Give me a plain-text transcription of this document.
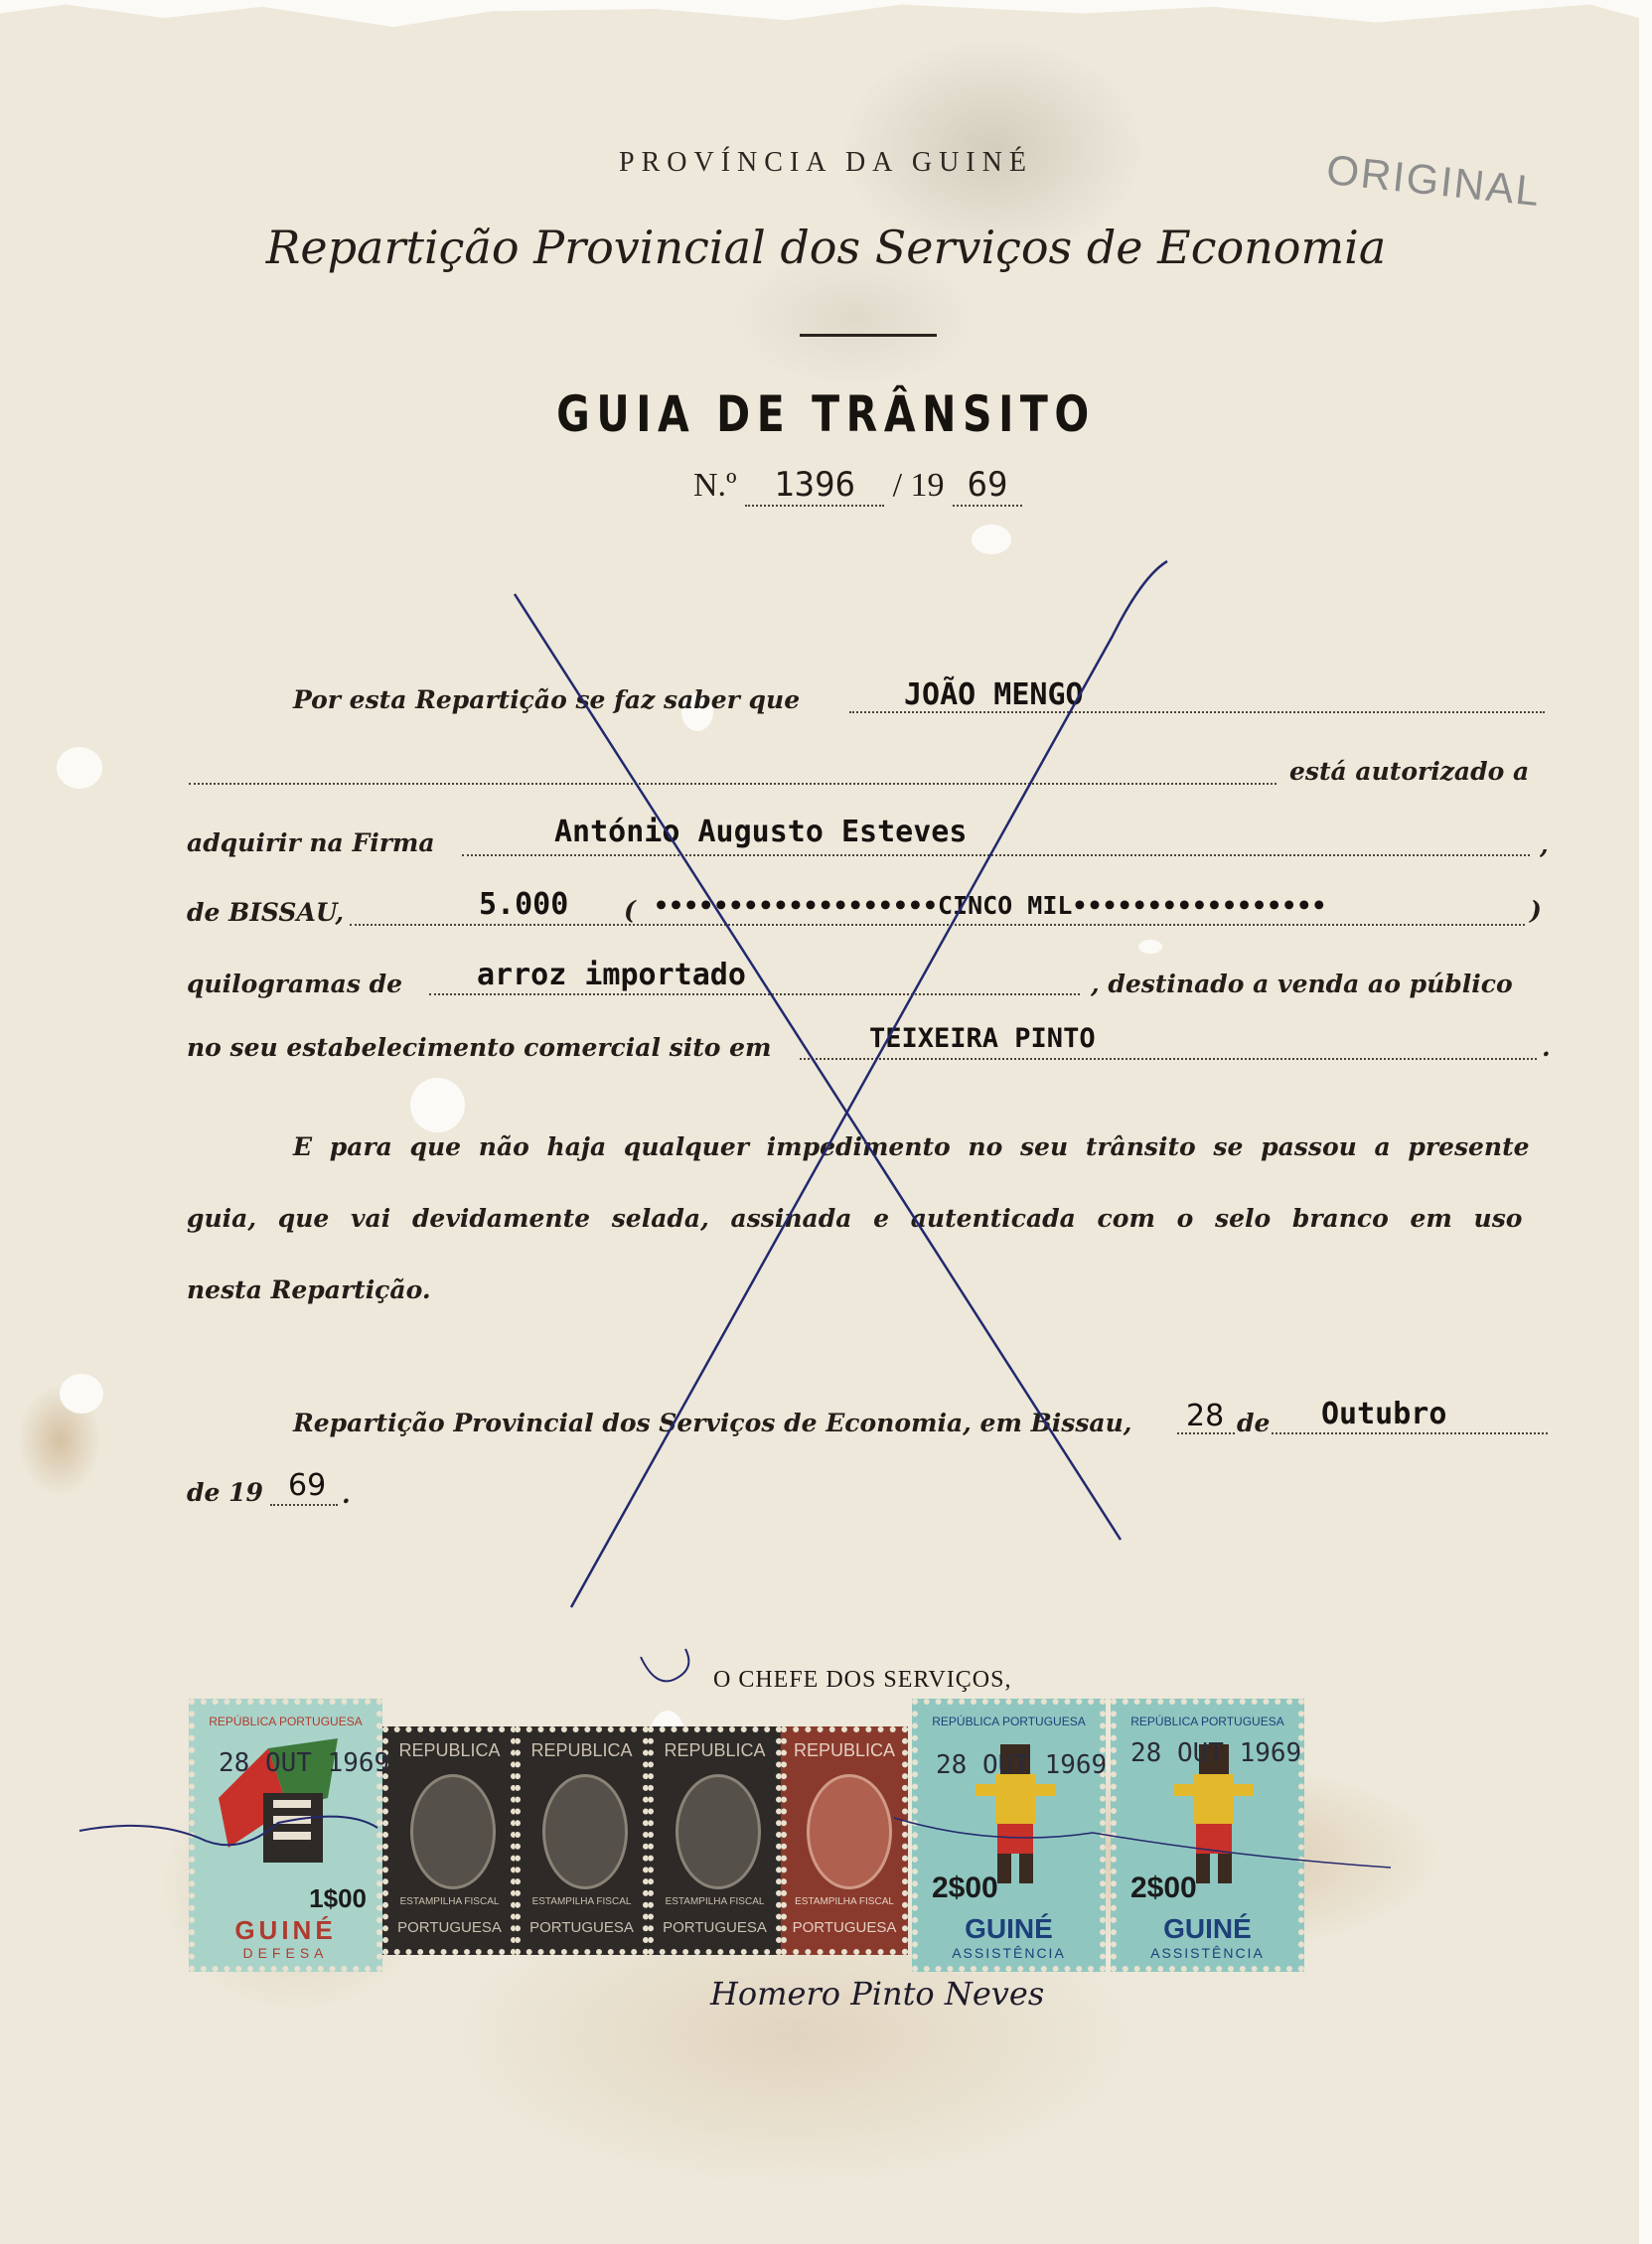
PROVÍNCIA DA GUINÉ
Repartição Provincial dos Serviços de Economia
ORIGINAL
GUIA DE TRÂNSITO
N.º 1396 / 19 69
Por esta Repartição se faz saber que	JOÃO MENGO
está autorizado a
adquirir na Firma	António Augusto Esteves	,
de BISSAU,	5.000 ( •••••••••••••••••••CINCO MIL•••••••••••••••••	)
quilogramas de	arroz importado	, destinado a venda ao público
no seu estabelecimento comercial sito em	TEIXEIRA PINTO	.
E para que não haja qualquer impedimento no seu trânsito se passou a presente
guia, que vai devidamente selada, assinada e autenticada com o selo branco em uso
nesta Repartição.
Repartição Provincial dos Serviços de Economia, em Bissau, 28 de Outubro
de 19 69 .
O CHEFE DOS SERVIÇOS,
REPÚBLICA PORTUGUESA
1$00
GUINÉ
DEFESA
REPUBLICA
ESTAMPILHA FISCAL
PORTUGUESA
REPUBLICA
ESTAMPILHA FISCAL
PORTUGUESA
REPUBLICA
ESTAMPILHA FISCAL
PORTUGUESA
REPUBLICA
ESTAMPILHA FISCAL
PORTUGUESA
REPÚBLICA PORTUGUESA
2$00
GUINÉ
ASSISTÊNCIA
REPÚBLICA PORTUGUESA
2$00
GUINÉ
ASSISTÊNCIA
28 OUT 1969	28 OUT 1969 28 OUT 1969
Homero Pinto Neves
